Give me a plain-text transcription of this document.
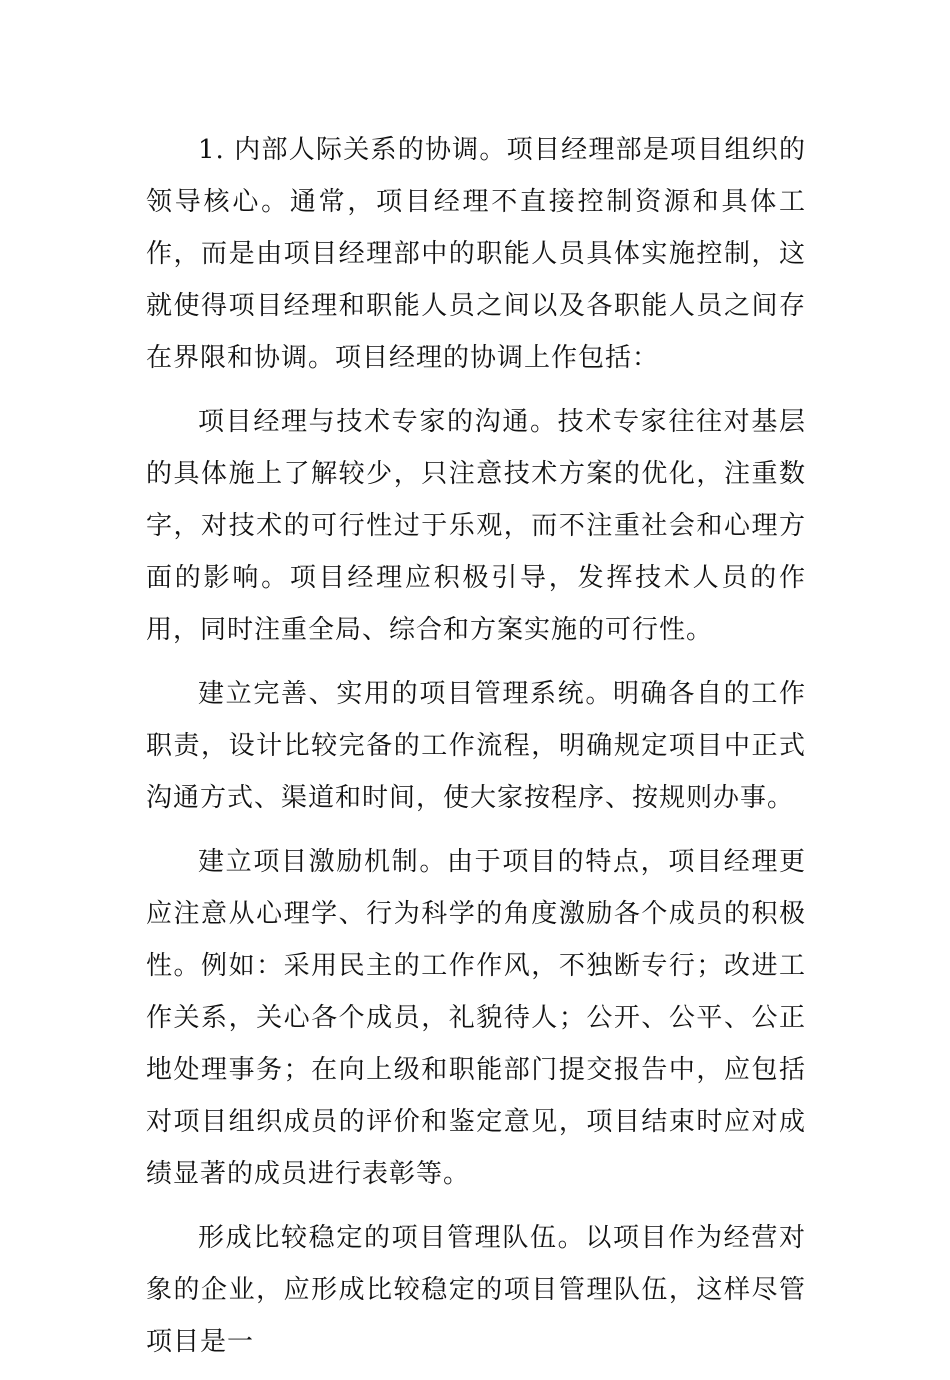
1. 内部人际关系的协调。项目经理部是项目组织的领导核心。通常，项目经理不直接控制资源和具体工作，而是由项目经理部中的职能人员具体实施控制，这就使得项目经理和职能人员之间以及各职能人员之间存在界限和协调。项目经理的协调上作包括：

项目经理与技术专家的沟通。技术专家往往对基层的具体施上了解较少，只注意技术方案的优化，注重数字，对技术的可行性过于乐观，而不注重社会和心理方面的影响。项目经理应积极引导，发挥技术人员的作用，同时注重全局、综合和方案实施的可行性。

建立完善、实用的项目管理系统。明确各自的工作职责，设计比较完备的工作流程，明确规定项目中正式沟通方式、渠道和时间，使大家按程序、按规则办事。

建立项目激励机制。由于项目的特点，项目经理更应注意从心理学、行为科学的角度激励各个成员的积极性。例如：采用民主的工作作风，不独断专行；改进工作关系，关心各个成员，礼貌待人；公开、公平、公正地处理事务；在向上级和职能部门提交报告中，应包括对项目组织成员的评价和鉴定意见，项目结束时应对成绩显著的成员进行表彰等。

形成比较稳定的项目管理队伍。以项目作为经营对象的企业，应形成比较稳定的项目管理队伍，这样尽管项目是一
